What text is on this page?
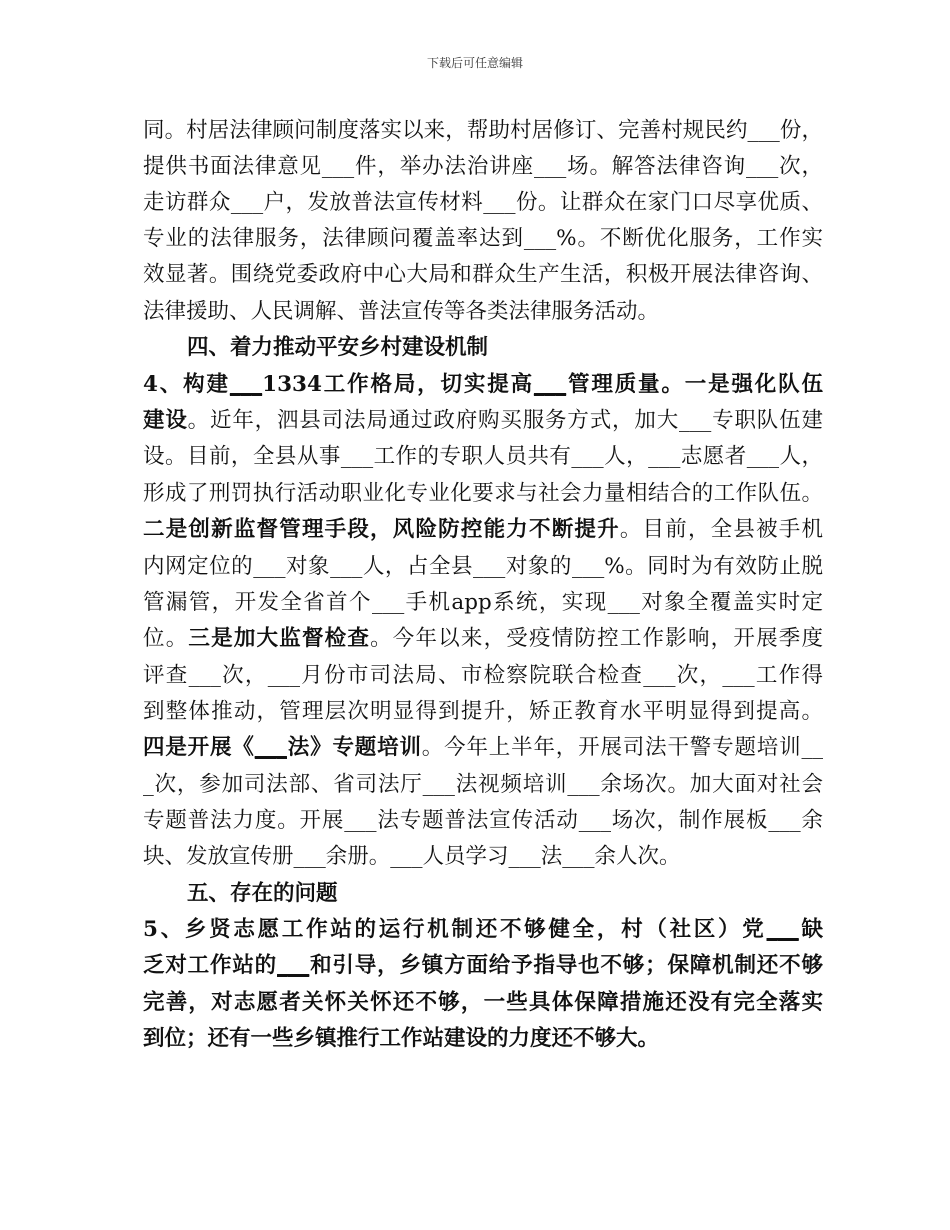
下载后可任意编辑
同。村居法律顾问制度落实以来，帮助村居修订、完善村规民约___份，
提供书面法律意见___件，举办法治讲座___场。解答法律咨询___次，
走访群众___户，发放普法宣传材料___份。让群众在家门口尽享优质、
专业的法律服务，法律顾问覆盖率达到___%。不断优化服务，工作实
效显著。围绕党委政府中心大局和群众生产生活，积极开展法律咨询、
法律援助、人民调解、普法宣传等各类法律服务活动。
四、着力推动平安乡村建设机制
4、构建___1334工作格局，切实提高___管理质量。一是强化队伍
建设。近年，泗县司法局通过政府购买服务方式，加大___专职队伍建
设。目前，全县从事___工作的专职人员共有___人，___志愿者___人，
形成了刑罚执行活动职业化专业化要求与社会力量相结合的工作队伍。
二是创新监督管理手段，风险防控能力不断提升。目前，全县被手机
内网定位的___对象___人，占全县___对象的___%。同时为有效防止脱
管漏管，开发全省首个___手机app系统，实现___对象全覆盖实时定
位。三是加大监督检查。今年以来，受疫情防控工作影响，开展季度
评查___次，___月份市司法局、市检察院联合检查___次，___工作得
到整体推动，管理层次明显得到提升，矫正教育水平明显得到提高。
四是开展《___法》专题培训。今年上半年，开展司法干警专题培训__
_次，参加司法部、省司法厅___法视频培训___余场次。加大面对社会
专题普法力度。开展___法专题普法宣传活动___场次，制作展板___余
块、发放宣传册___余册。___人员学习___法___余人次。
五、存在的问题
5、乡贤志愿工作站的运行机制还不够健全，村（社区）党___缺
乏对工作站的___和引导，乡镇方面给予指导也不够；保障机制还不够
完善，对志愿者关怀关怀还不够，一些具体保障措施还没有完全落实
到位；还有一些乡镇推行工作站建设的力度还不够大。
